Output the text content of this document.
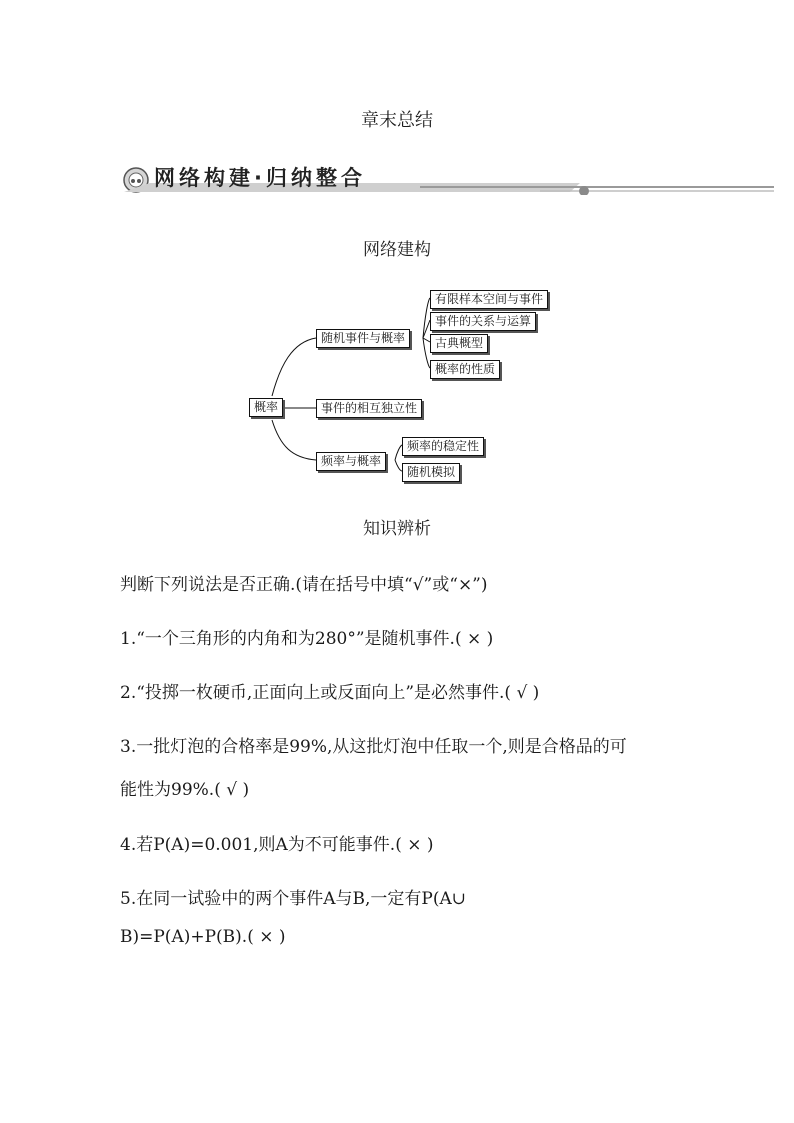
章末总结
网络构建·归纳整合
网络建构
概率
随机事件与概率
事件的相互独立性
频率与概率
有限样本空间与事件
事件的关系与运算
古典概型
概率的性质
频率的稳定性
随机模拟
知识辨析
判断下列说法是否正确.(请在括号中填“√”或“×”)
1.“一个三角形的内角和为280°”是随机事件.( × )
2.“投掷一枚硬币,正面向上或反面向上”是必然事件.( √ )
3.一批灯泡的合格率是99%,从这批灯泡中任取一个,则是合格品的可
能性为99%.( √ )
4.若P(A)=0.001,则A为不可能事件.( × )
5.在同一试验中的两个事件A与B,一定有P(A∪
B)=P(A)+P(B).( × )
